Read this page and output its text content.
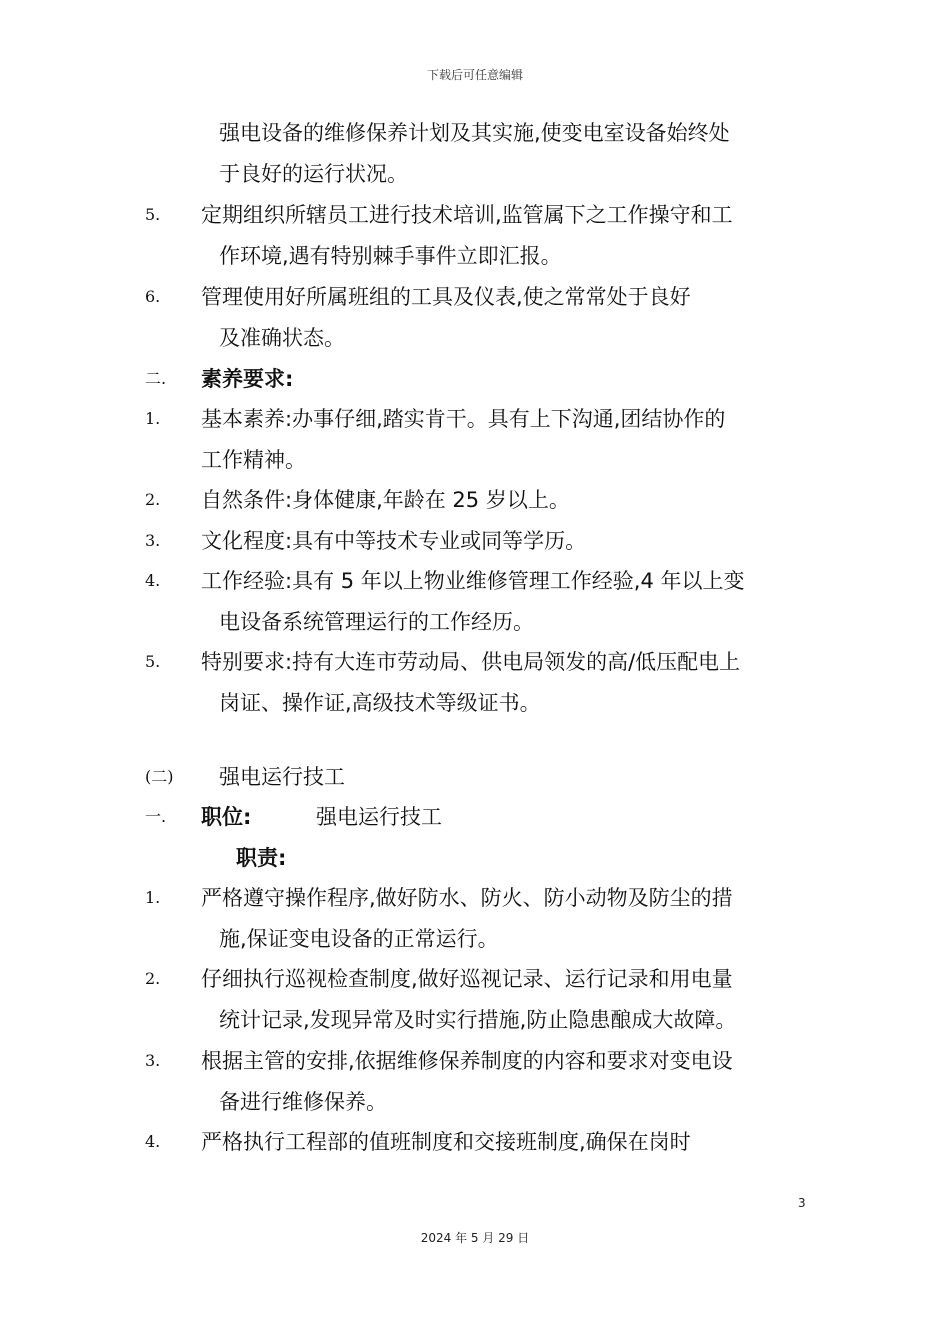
下载后可任意编辑
强电设备的维修保养计划及其实施,使变电室设备始终处
于良好的运行状况。
5. 定期组织所辖员工进行技术培训,监管属下之工作操守和工
作环境,遇有特别棘手事件立即汇报。
6. 管理使用好所属班组的工具及仪表,使之常常处于良好
及准确状态。
二. 素养要求:
1. 基本素养:办事仔细,踏实肯干。具有上下沟通,团结协作的
工作精神。
2. 自然条件:身体健康,年龄在 25 岁以上。
3. 文化程度:具有中等技术专业或同等学历。
4. 工作经验:具有 5 年以上物业维修管理工作经验,4 年以上变
电设备系统管理运行的工作经历。
5. 特别要求:持有大连市劳动局、供电局领发的高/低压配电上
岗证、操作证,高级技术等级证书。
(二) 强电运行技工
一. 职位:	强电运行技工
职责:
1. 严格遵守操作程序,做好防水、防火、防小动物及防尘的措
施,保证变电设备的正常运行。
2. 仔细执行巡视检查制度,做好巡视记录、运行记录和用电量
统计记录,发现异常及时实行措施,防止隐患酿成大故障。
3. 根据主管的安排,依据维修保养制度的内容和要求对变电设
备进行维修保养。
4. 严格执行工程部的值班制度和交接班制度,确保在岗时
3
2024 年 5 月 29 日
